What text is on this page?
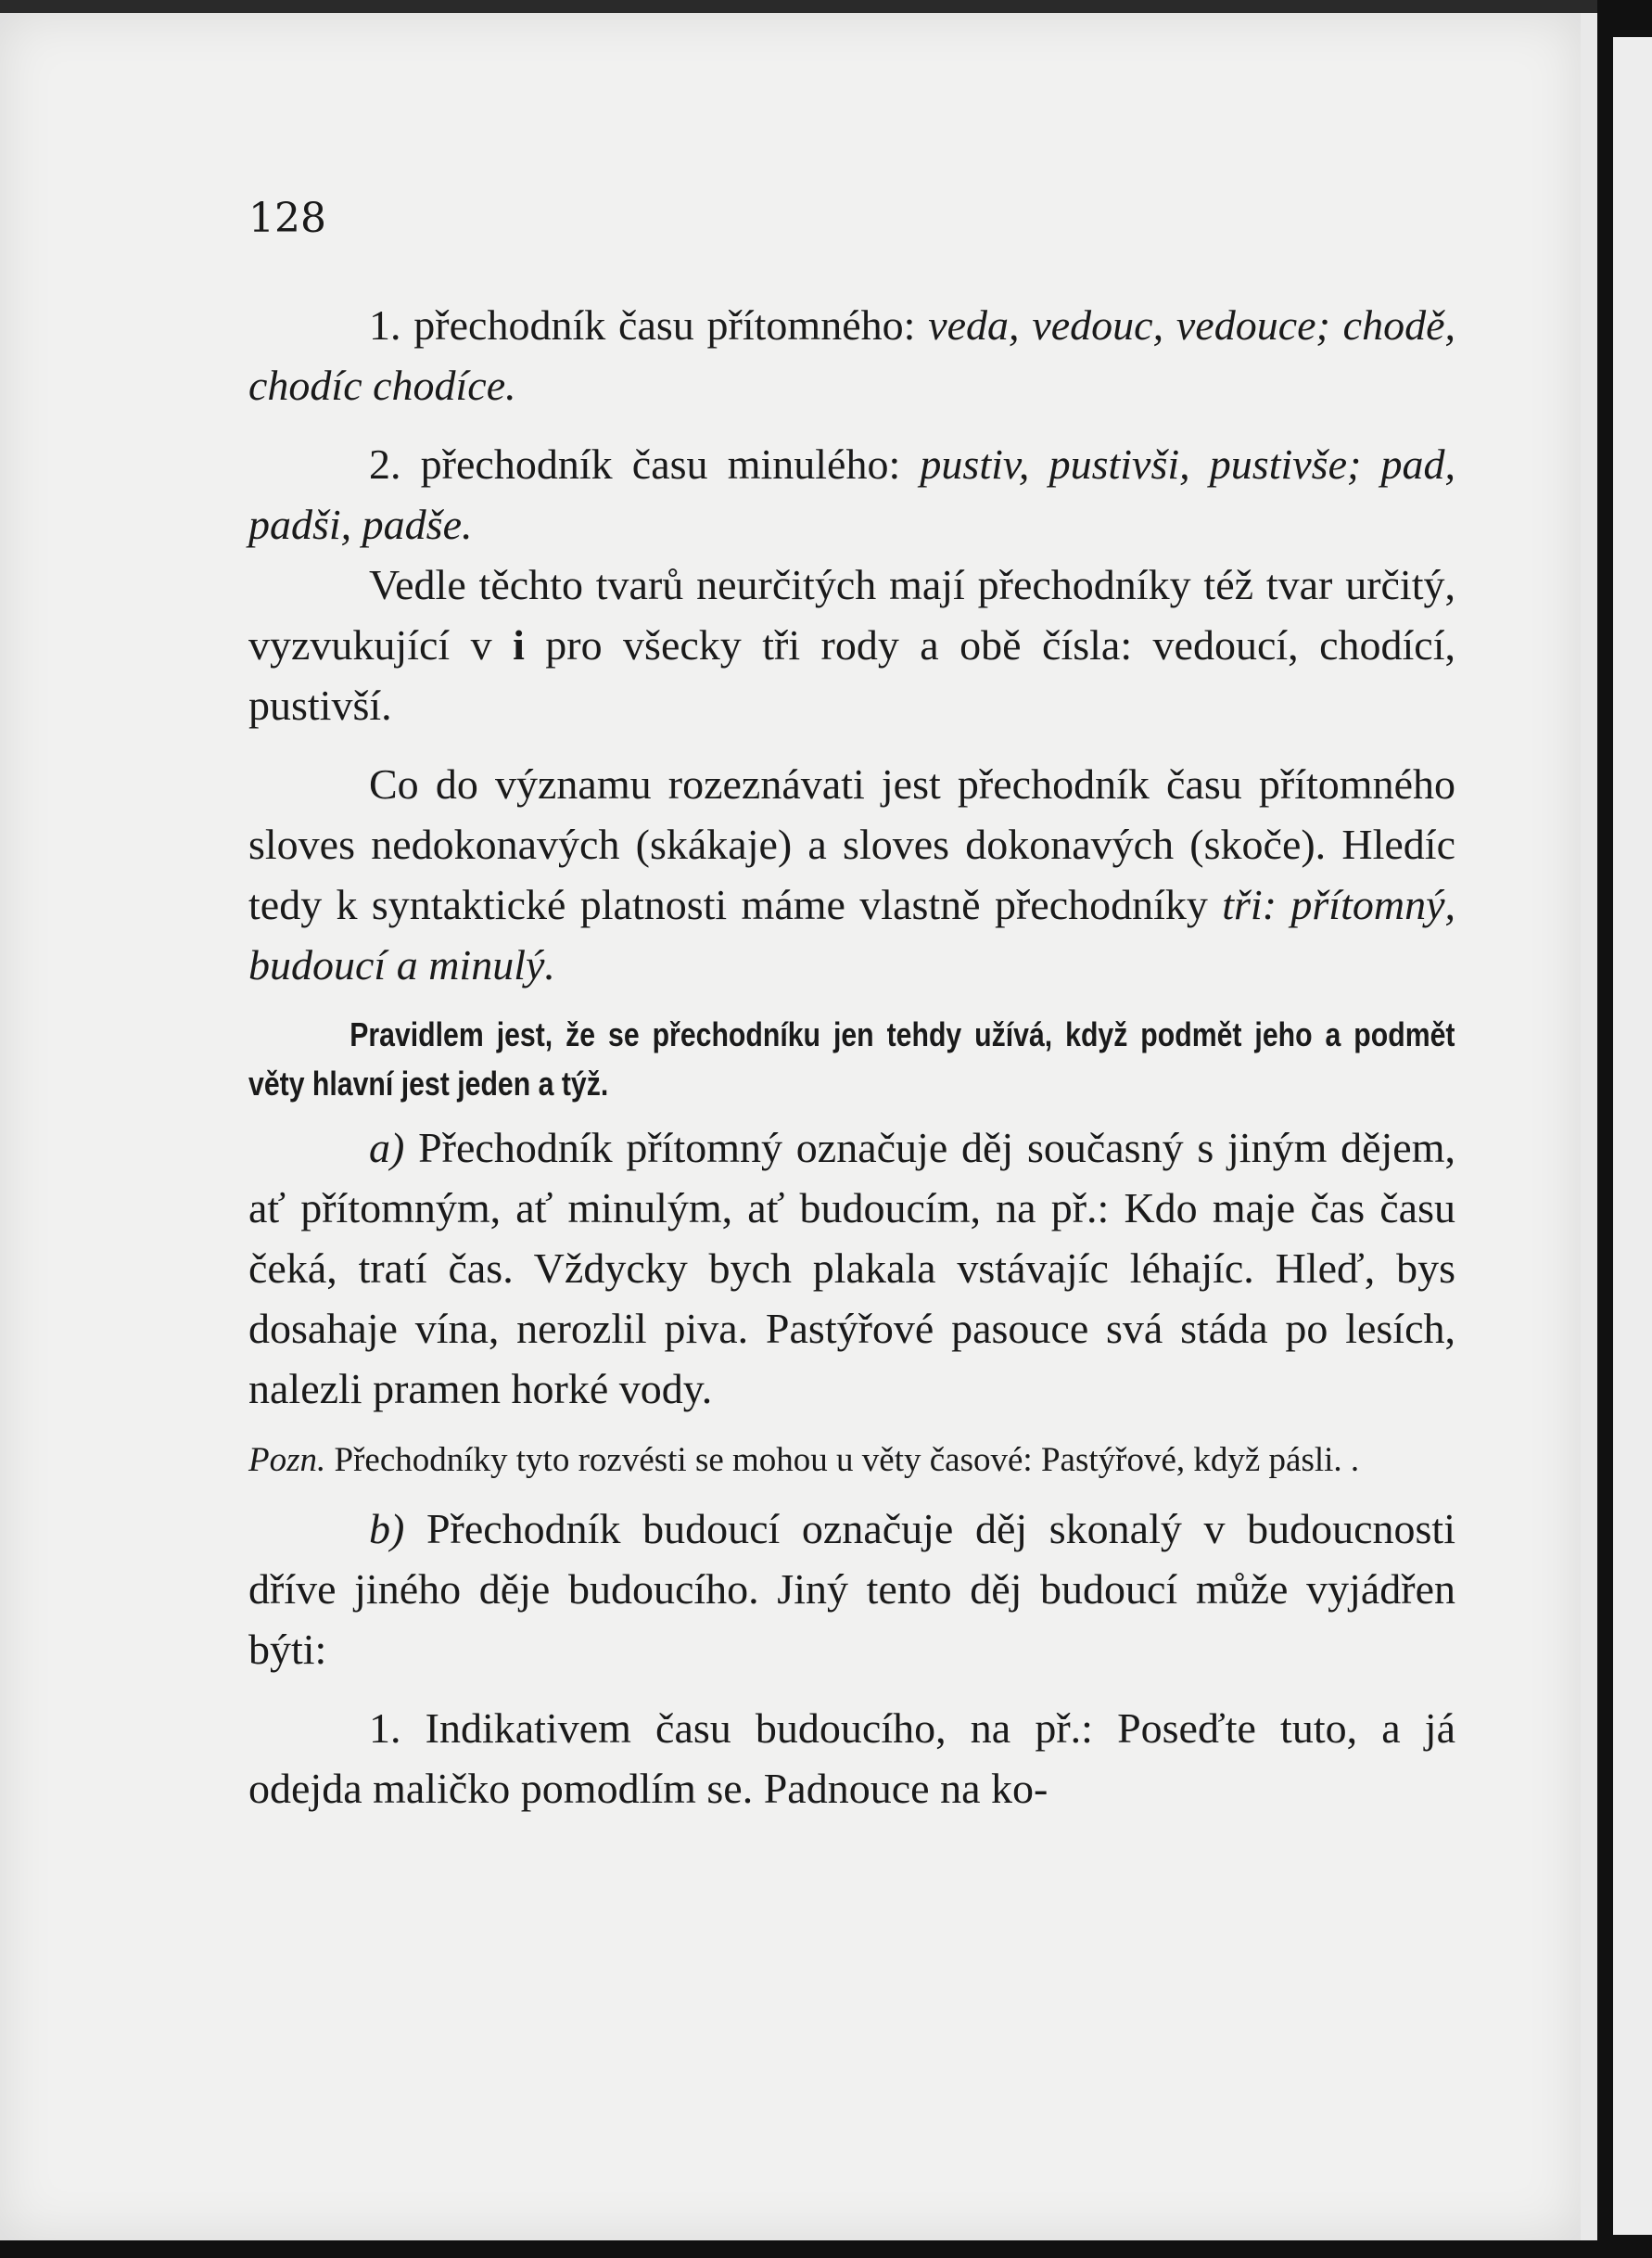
128

1. přechodník času přítomného: veda, vedouc, vedouce; chodě, chodíc chodíce.

2. přechodník času minulého: pustiv, pustivši, pustivše; pad, padši, padše.

Vedle těchto tvarů neurčitých mají přechodníky též tvar určitý, vyzvukující v i pro všecky tři rody a obě čísla: vedoucí, chodící, pustivší.

Co do významu rozeznávati jest přechodník času přítomného sloves nedokonavých (skákaje) a sloves dokonavých (skoče). Hledíc tedy k syntaktické platnosti máme vlastně přechodníky tři: přítomný, budoucí a minulý.

Pravidlem jest, že se přechodníku jen tehdy užívá, když podmět jeho a podmět věty hlavní jest jeden a týž.

a) Přechodník přítomný označuje děj současný s jiným dějem, ať přítomným, ať minulým, ať budoucím, na př.: Kdo maje čas času čeká, tratí čas. Vždycky bych plakala vstávajíc léhajíc. Hleď, bys dosahaje vína, nerozlil piva. Pastýřové pasouce svá stáda po lesích, nalezli pramen horké vody.

Pozn. Přechodníky tyto rozvésti se mohou u věty časové: Pastýřové, když pásli. .

b) Přechodník budoucí označuje děj skonalý v budoucnosti dříve jiného děje budoucího. Jiný tento děj budoucí může vyjádřen býti:

1. Indikativem času budoucího, na př.: Poseďte tuto, a já odejda maličko pomodlím se. Padnouce na ko-
